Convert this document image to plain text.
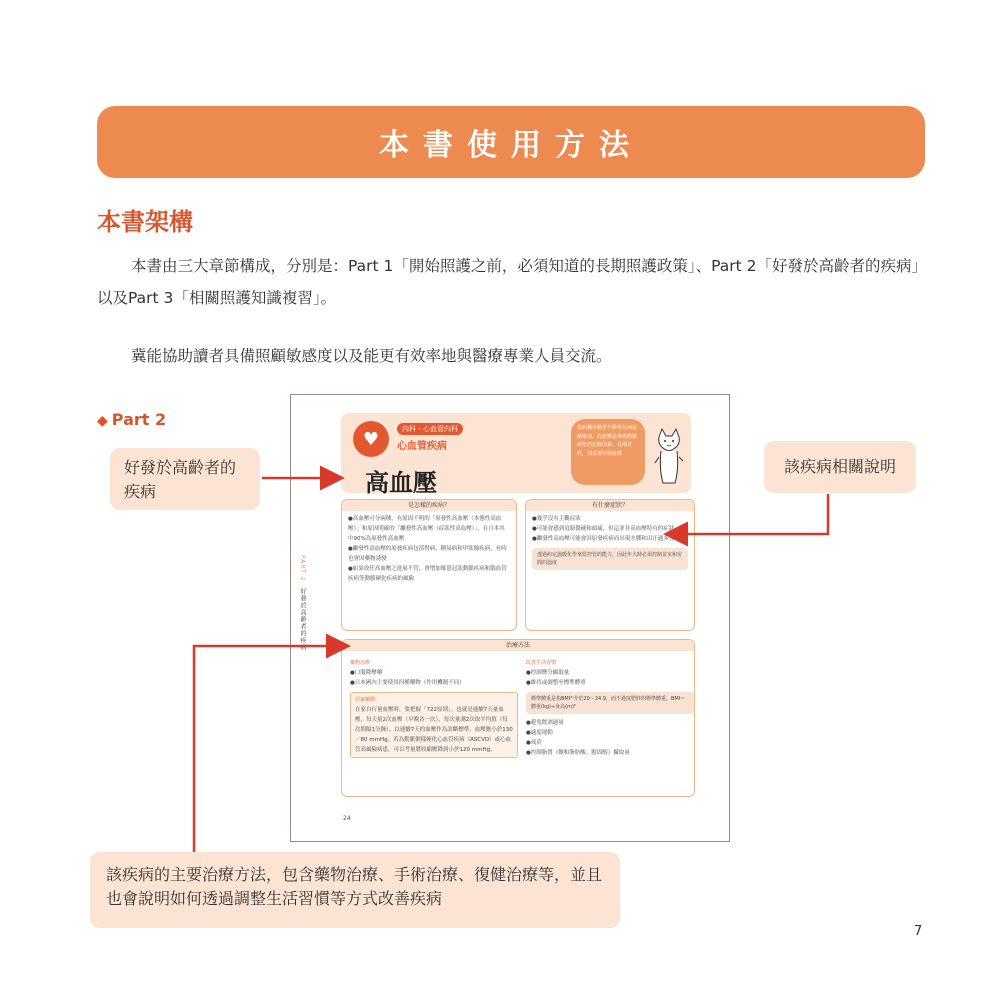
本書使用方法
本書架構

本書由三大章節構成，分別是：Part 1「開始照護之前，必須知道的長期照護政策」、Part 2「好發於高齡者的疾病」以及Part 3「相關照護知識複習」。

冀能協助讀者具備照顧敏感度以及能更有效率地與醫療專業人員交流。

◆ Part 2
好發於高齡者的疾病
該疾病相關說明
該疾病的主要治療方法，包含藥物治療、手術治療、復健治療等，並且也會說明如何透過調整生活習慣等方式改善疾病
PART 2　好發於高齡者的疾病
♥	內科・心血管內科
心血管疾病
高血壓
患病機率隨著年齡增長而逐漸增加，高血壓是導致動脈硬化的危險因素，長期者性，須妥善控制血壓
是怎樣的疾病？
●高血壓可分兩種，有原因不明的「原發性高血壓（本態性高血壓）」和原因明確的「繼發性高血壓（症狀性高血壓）」。在日本其中90%為原發性高血壓
●繼發性高血壓的原發疾病包括腎病、糖尿病和甲狀腺疾病，有時也會因藥物誘發
●如果放任高血壓之進展不管，會增加罹患冠狀動脈疾病和腦血管疾病等動脈硬化疾病的風險
有什麼症狀？
●幾乎沒有主觀症狀
●可能會感到肩膀僵硬和頭痛，但這並非高血壓特有的症狀
●繼發性高血壓可能會因原發疾病而出現水腫和出汗過多等症狀
透過約定溫暖化學來監控管的能力，因此年大時必須控制並室和房間的溫度
治療方法
藥物治療
●口服降壓藥
●日本國內主要使用四種藥物（作用機制不同）
居家檢測
在家自行量血壓時，要把握「722原則」。也就是連續7天量血壓，每天量2次血壓（早晚各一次），每次量測2次取平均值（每次間隔1分鐘）。以連續7天的血壓作為診斷標準，血壓應小於130／80 mmHg。若為動脈粥樣硬化心血管疾病（ASCVD）或心血管高風險病患，可以考量將收縮壓降到小於120 mmHg。
改善生活習慣
●控制鹽分攝取量
●維持或調整至標準體重
標準體重是指BMI²⁾介於20～24.9，而不過度肥胖的標準體重，BMI＝體重(kg)÷身高(m)²
●避免飲酒過量
●適度運動
●戒菸
●控制脂質（飽和脂肪酸、膽固醇）攝取量
24
7
